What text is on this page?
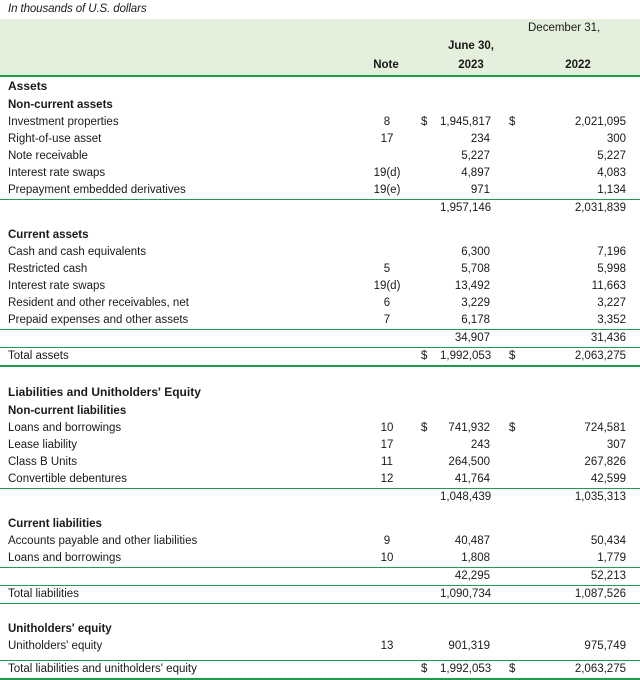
In thousands of U.S. dollars
					December 31,
	Note		June 30, 2023		2022
Assets					
Non-current assets					
Investment properties	8	$	1,945,817	$	2,021,095
Right-of-use asset	17		234		300
Note receivable			5,227		5,227
Interest rate swaps	19(d)		4,897		4,083
Prepayment embedded derivatives	19(e)		971		1,134
			1,957,146		2,031,839

Current assets					
Cash and cash equivalents			6,300		7,196
Restricted cash	5		5,708		5,998
Interest rate swaps	19(d)		13,492		11,663
Resident and other receivables, net	6		3,229		3,227
Prepaid expenses and other assets	7		6,178		3,352
			34,907		31,436
Total assets		$	1,992,053	$	2,063,275

Liabilities and Unitholders' Equity					
Non-current liabilities					
Loans and borrowings	10	$	741,932	$	724,581
Lease liability	17		243		307
Class B Units	11		264,500		267,826
Convertible debentures	12		41,764		42,599
			1,048,439		1,035,313

Current liabilities					
Accounts payable and other liabilities	9		40,487		50,434
Loans and borrowings	10		1,808		1,779
			42,295		52,213
Total liabilities			1,090,734		1,087,526

Unitholders' equity					
Unitholders' equity	13		901,319		975,749

Total liabilities and unitholders' equity		$	1,992,053	$	2,063,275
